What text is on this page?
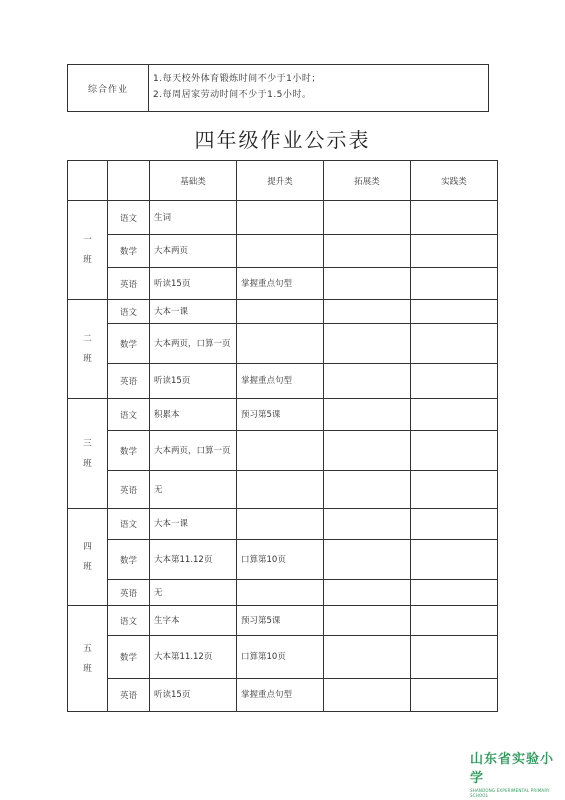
综合作业
1.每天校外体育锻炼时间不少于1小时；
2.每周居家劳动时间不少于1.5小时。
四年级作业公示表
		基础类	提升类	拓展类	实践类
一班	语文	生词			
	数学	大本两页			
	英语	听读15页	掌握重点句型		
二班	语文	大本一课			
	数学	大本两页，口算一页			
	英语	听读15页	掌握重点句型		
三班	语文	积累本	预习第5课		
	数学	大本两页，口算一页			
	英语	无			
四班	语文	大本一课			
	数学	大本第11.12页	口算第10页		
	英语	无			
五班	语文	生字本	预习第5课		
	数学	大本第11.12页	口算第10页		
	英语	听读15页	掌握重点句型		
山东省实验小学
SHANDONG EXPERIMENTAL PRIMARY SCHOOL
